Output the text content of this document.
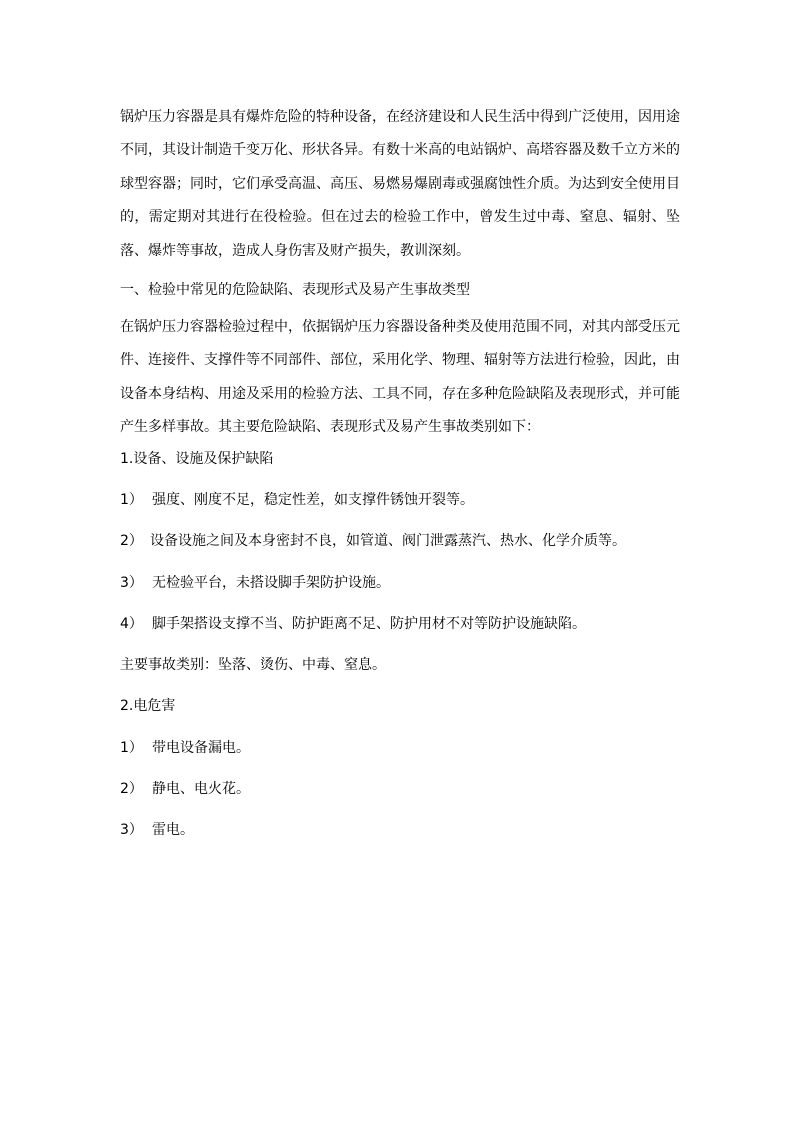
锅炉压力容器是具有爆炸危险的特种设备，在经济建设和人民生活中得到广泛使用，因用途不同，其设计制造千变万化、形状各异。有数十米高的电站锅炉、高塔容器及数千立方米的球型容器；同时，它们承受高温、高压、易燃易爆剧毒或强腐蚀性介质。为达到安全使用目的，需定期对其进行在役检验。但在过去的检验工作中，曾发生过中毒、窒息、辐射、坠落、爆炸等事故，造成人身伤害及财产损失，教训深刻。

一、检验中常见的危险缺陷、表现形式及易产生事故类型

在锅炉压力容器检验过程中，依据锅炉压力容器设备种类及使用范围不同，对其内部受压元件、连接件、支撑件等不同部件、部位，采用化学、物理、辐射等方法进行检验，因此，由设备本身结构、用途及采用的检验方法、工具不同，存在多种危险缺陷及表现形式，并可能产生多样事故。其主要危险缺陷、表现形式及易产生事故类别如下：

1.设备、设施及保护缺陷
1） 强度、刚度不足，稳定性差，如支撑件锈蚀开裂等。
2） 设备设施之间及本身密封不良，如管道、阀门泄露蒸汽、热水、化学介质等。
3） 无检验平台，未搭设脚手架防护设施。
4） 脚手架搭设支撑不当、防护距离不足、防护用材不对等防护设施缺陷。
主要事故类别：坠落、烫伤、中毒、窒息。
2.电危害
1） 带电设备漏电。
2） 静电、电火花。
3） 雷电。
